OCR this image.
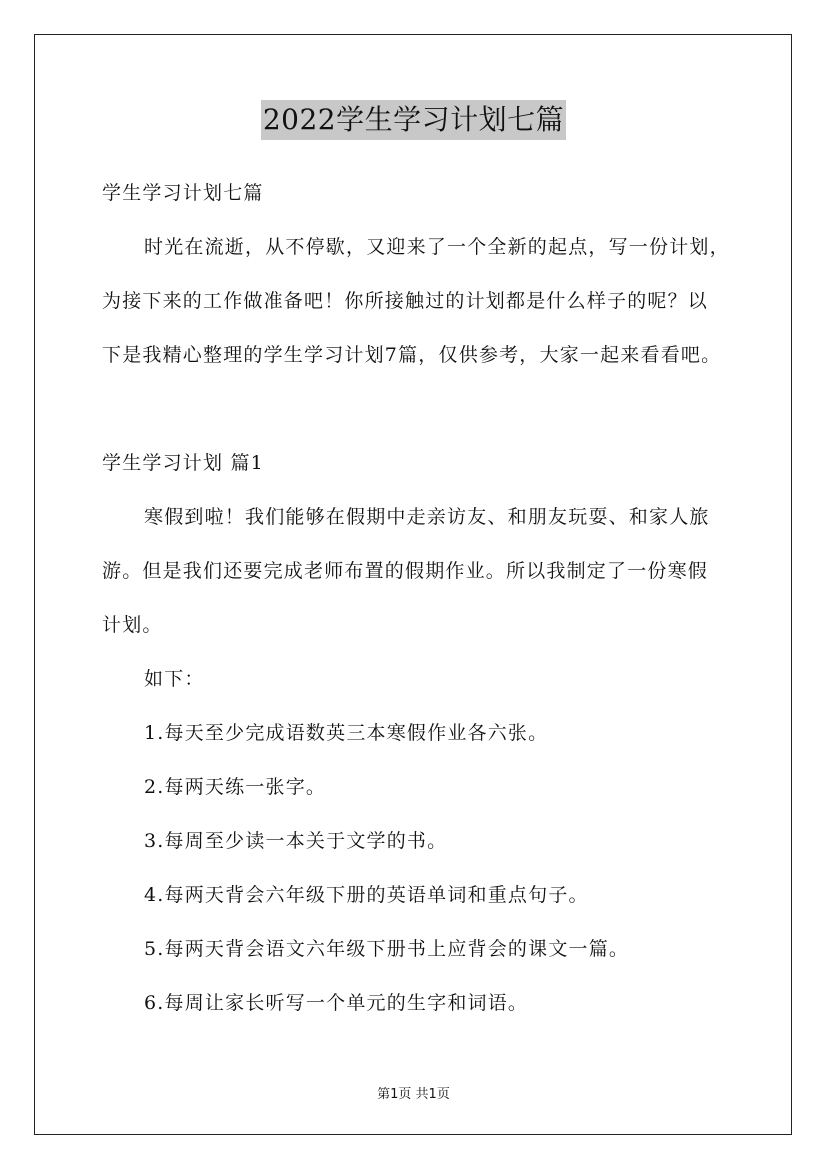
2022学生学习计划七篇
学生学习计划七篇
时光在流逝，从不停歇，又迎来了一个全新的起点，写一份计划，
为接下来的工作做准备吧！你所接触过的计划都是什么样子的呢？以
下是我精心整理的学生学习计划7篇，仅供参考，大家一起来看看吧。
学生学习计划 篇1
寒假到啦！我们能够在假期中走亲访友、和朋友玩耍、和家人旅
游。但是我们还要完成老师布置的假期作业。所以我制定了一份寒假
计划。
如下：
1.每天至少完成语数英三本寒假作业各六张。
2.每两天练一张字。
3.每周至少读一本关于文学的书。
4.每两天背会六年级下册的英语单词和重点句子。
5.每两天背会语文六年级下册书上应背会的课文一篇。
6.每周让家长听写一个单元的生字和词语。
第1页 共1页
